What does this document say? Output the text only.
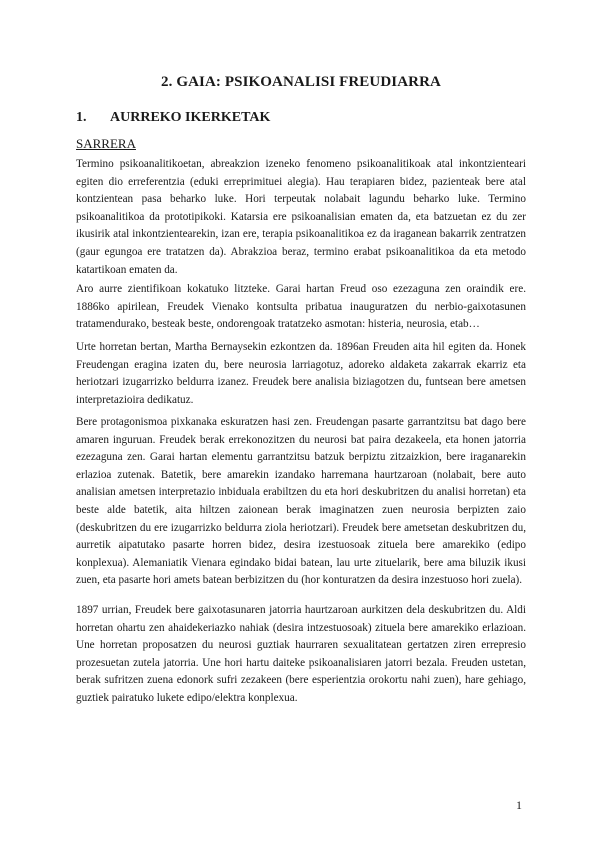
2. GAIA: PSIKOANALISI FREUDIARRA
1. AURREKO IKERKETAK
SARRERA
Termino psikoanalitikoetan, abreakzion izeneko fenomeno psikoanalitikoak atal inkontzienteari egiten dio erreferentzia (eduki erreprimituei alegia). Hau terapiaren bidez, pazienteak bere atal kontzientean pasa beharko luke. Hori terpeutak nolabait lagundu beharko luke. Termino psikoanalitikoa da prototipikoki. Katarsia ere psikoanalisian ematen da, eta batzuetan ez du zer ikusirik atal inkontzientearekin, izan ere, terapia psikoanalitikoa ez da iraganean bakarrik zentratzen (gaur egungoa ere tratatzen da). Abrakzioa beraz, termino erabat psikoanalitikoa da eta metodo katartikoan ematen da.
Aro aurre zientifikoan kokatuko litzteke. Garai hartan Freud oso ezezaguna zen oraindik ere. 1886ko apirilean, Freudek Vienako kontsulta pribatua inauguratzen du nerbio-gaixotasunen tratamendurako, besteak beste, ondorengoak tratatzeko asmotan: histeria, neurosia, etab…
Urte horretan bertan, Martha Bernaysekin ezkontzen da. 1896an Freuden aita hil egiten da. Honek Freudengan eragina izaten du, bere neurosia larriagotuz, adoreko aldaketa zakarrak ekarriz eta heriotzari izugarrizko beldurra izanez. Freudek bere analisia biziagotzen du, funtsean bere ametsen interpretazioira dedikatuz.
Bere protagonismoa pixkanaka eskuratzen hasi zen. Freudengan pasarte garrantzitsu bat dago bere amaren inguruan. Freudek berak errekonozitzen du neurosi bat paira dezakeela, eta honen jatorria ezezaguna zen. Garai hartan elementu garrantzitsu batzuk berpiztu zitzaizkion, bere iraganarekin erlazioa zutenak. Batetik, bere amarekin izandako harremana haurtzaroan (nolabait, bere auto analisian ametsen interpretazio inbiduala erabiltzen du eta hori deskubritzen du analisi horretan) eta beste alde batetik, aita hiltzen zaionean berak imaginatzen zuen neurosia berpizten zaio (deskubritzen du ere izugarrizko beldurra ziola heriotzari). Freudek bere ametsetan deskubritzen du, aurretik aipatutako pasarte horren bidez, desira izestuosoak zituela bere amarekiko (edipo konplexua). Alemaniatik Vienara egindako bidai batean, lau urte zituelarik, bere ama biluzik ikusi zuen, eta pasarte hori amets batean berbizitzen du (hor konturatzen da desira inzestuoso hori zuela).
1897 urrian, Freudek bere gaixotasunaren jatorria haurtzaroan aurkitzen dela deskubritzen du. Aldi horretan ohartu zen ahaidekeriazko nahiak (desira intzestuosoak) zituela bere amarekiko erlazioan. Une horretan proposatzen du neurosi guztiak haurraren sexualitatean gertatzen ziren errepresio prozesuetan zutela jatorria. Une hori hartu daiteke psikoanalisiaren jatorri bezala. Freuden ustetan, berak sufritzen zuena edonork sufri zezakeen (bere esperientzia orokortu nahi zuen), hare gehiago, guztiek pairatuko lukete edipo/elektra konplexua.
1
